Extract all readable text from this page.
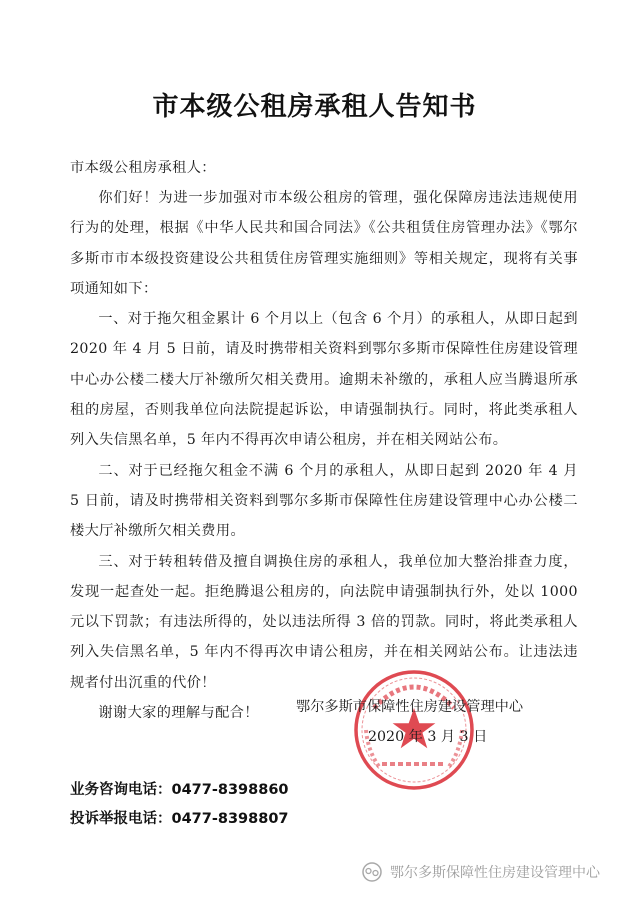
市本级公租房承租人告知书
市本级公租房承租人：

你们好！为进一步加强对市本级公租房的管理，强化保障房违法违规使用行为的处理，根据《中华人民共和国合同法》《公共租赁住房管理办法》《鄂尔多斯市市本级投资建设公共租赁住房管理实施细则》等相关规定，现将有关事项通知如下：

一、对于拖欠租金累计 6 个月以上（包含 6 个月）的承租人，从即日起到 2020 年 4 月 5 日前，请及时携带相关资料到鄂尔多斯市保障性住房建设管理中心办公楼二楼大厅补缴所欠相关费用。逾期未补缴的，承租人应当腾退所承租的房屋，否则我单位向法院提起诉讼，申请强制执行。同时，将此类承租人列入失信黑名单，5 年内不得再次申请公租房，并在相关网站公布。

二、对于已经拖欠租金不满 6 个月的承租人，从即日起到 2020 年 4 月 5 日前，请及时携带相关资料到鄂尔多斯市保障性住房建设管理中心办公楼二楼大厅补缴所欠相关费用。

三、对于转租转借及擅自调换住房的承租人，我单位加大整治排查力度，发现一起查处一起。拒绝腾退公租房的，向法院申请强制执行外，处以 1000 元以下罚款；有违法所得的，处以违法所得 3 倍的罚款。同时，将此类承租人列入失信黑名单，5 年内不得再次申请公租房，并在相关网站公布。让违法违规者付出沉重的代价！

谢谢大家的理解与配合！	鄂尔多斯市保障性住房建设管理中心
2020 年 3 月 3 日
业务咨询电话：0477-8398860
投诉举报电话：0477-8398807
鄂尔多斯保障性住房建设管理中心
